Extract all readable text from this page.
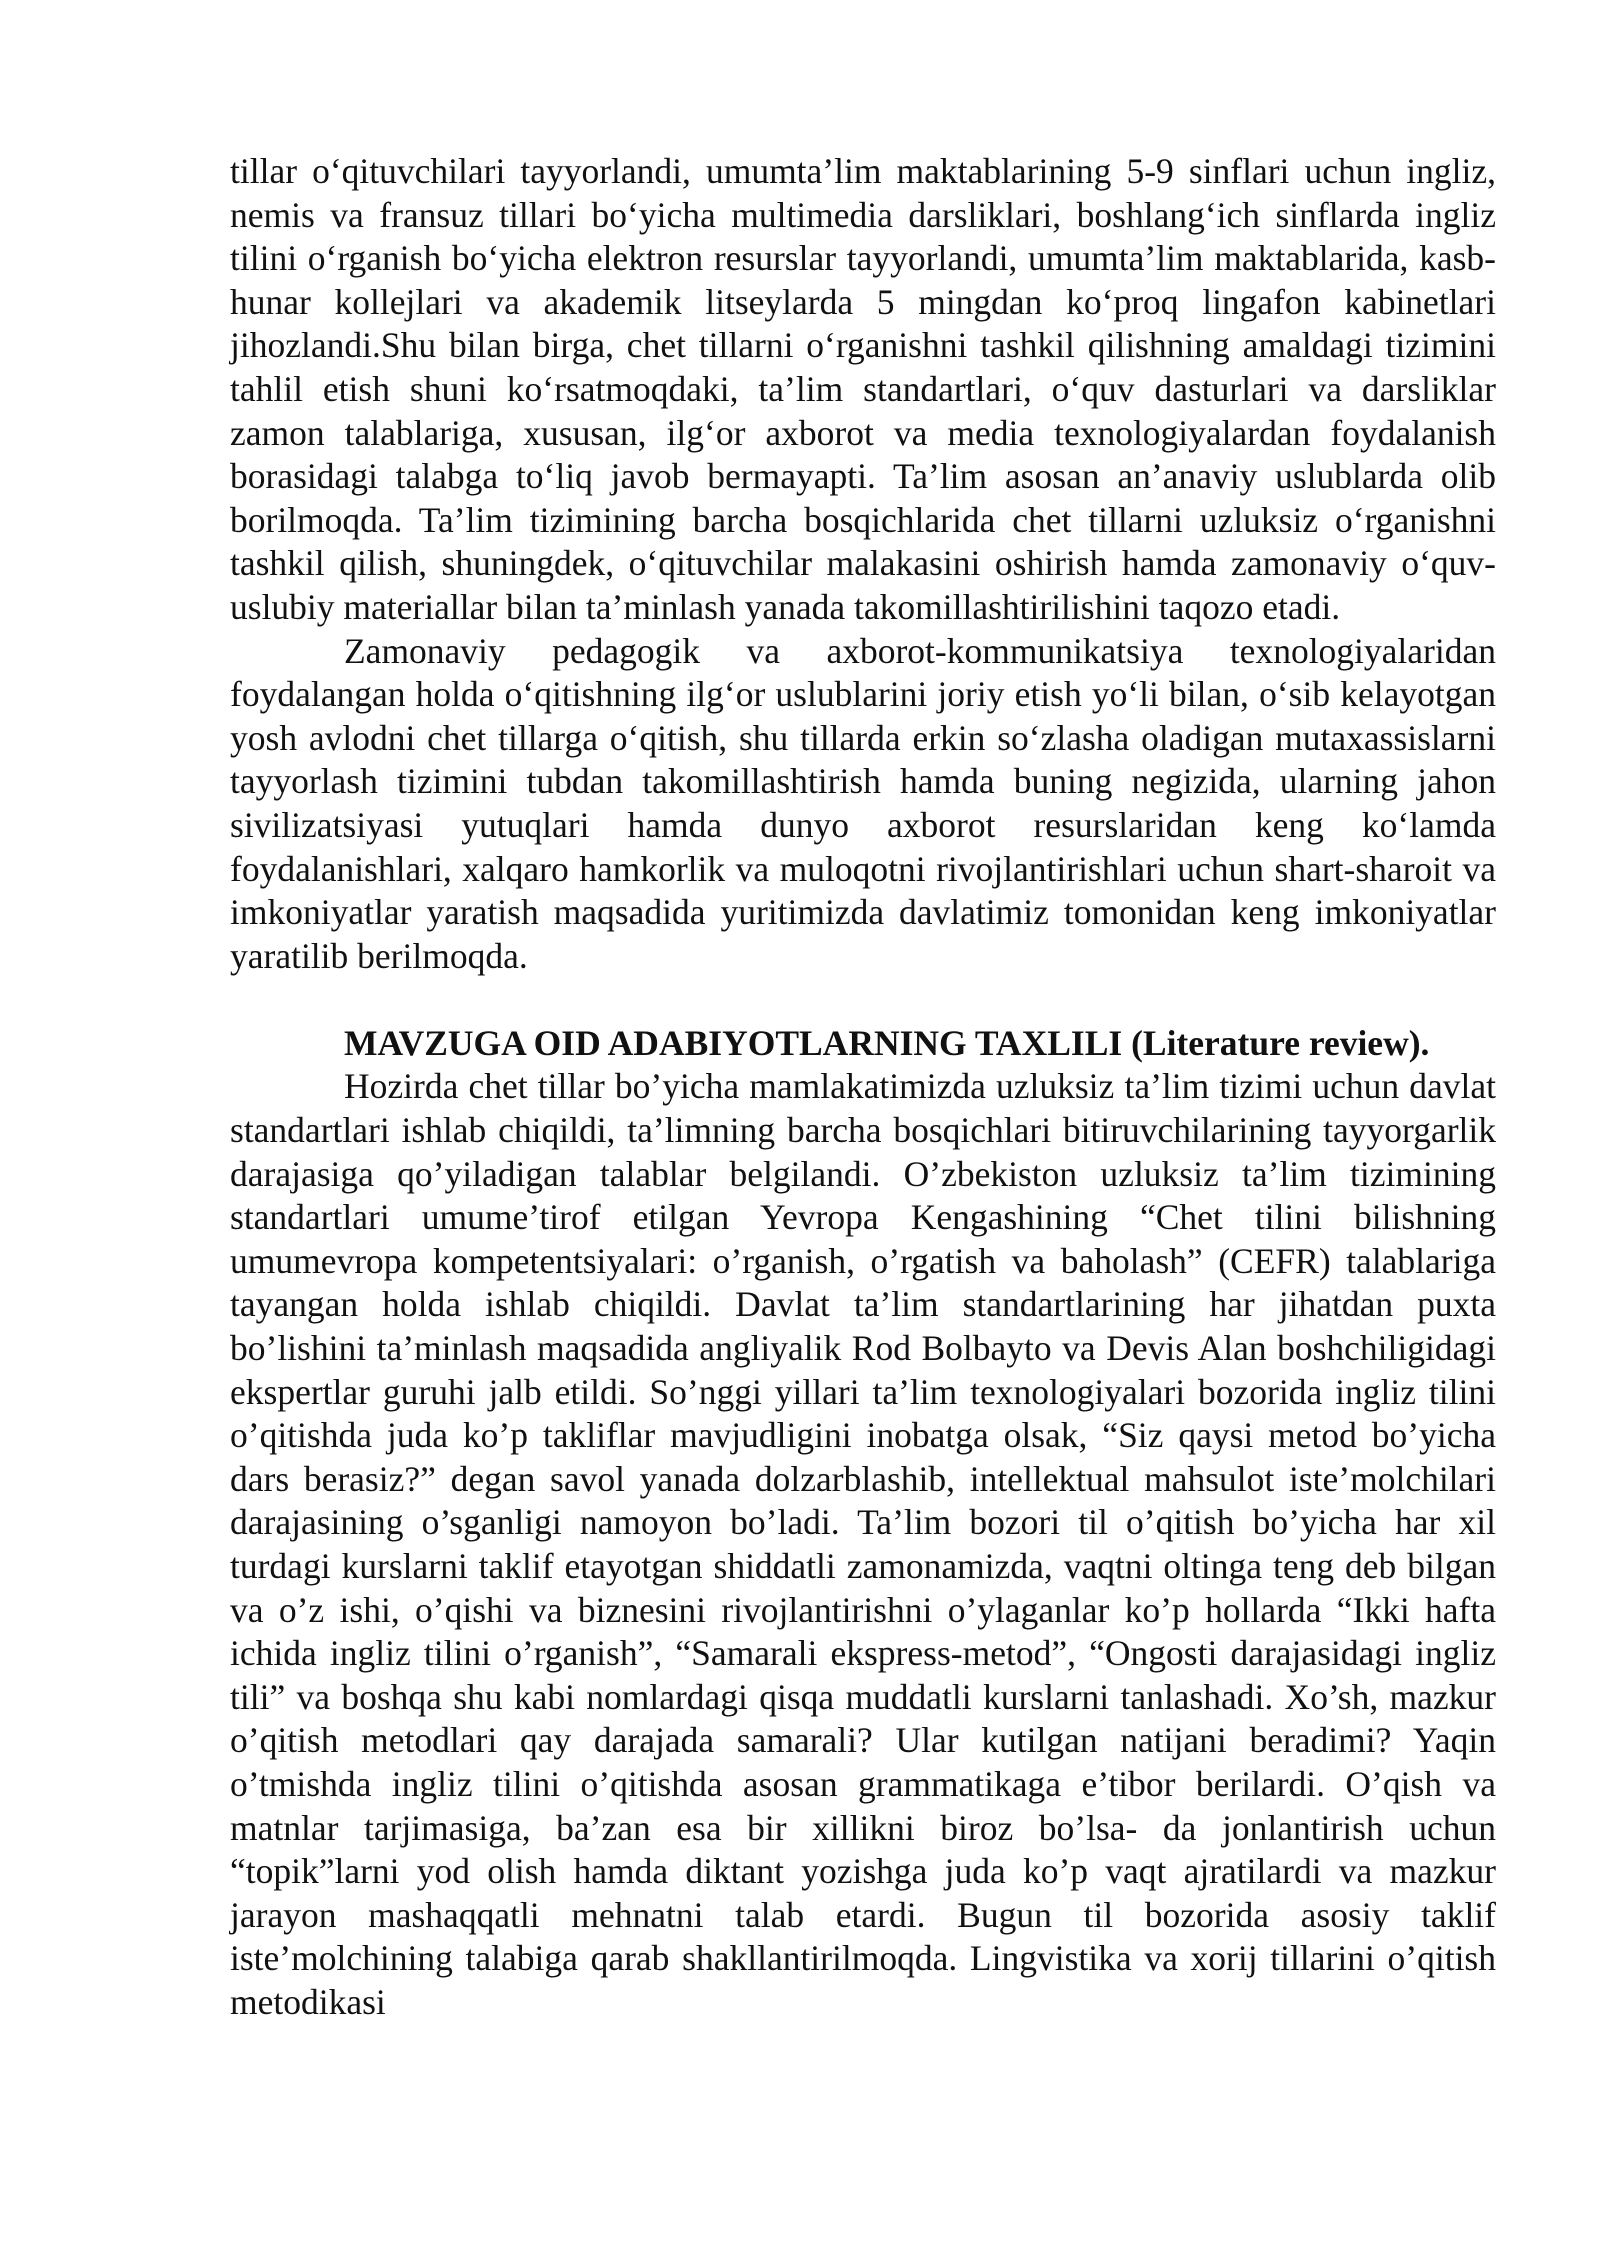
tillar o‘qituvchilari tayyorlandi, umumta’lim maktablarining 5-9 sinflari uchun ingliz, nemis va fransuz tillari bo‘yicha multimedia darsliklari, boshlang‘ich sinflarda ingliz tilini o‘rganish bo‘yicha elektron resurslar tayyorlandi, umumta’lim maktablarida, kasb-hunar kollejlari va akademik litseylarda 5 mingdan ko‘proq lingafon kabinetlari jihozlandi.Shu bilan birga, chet tillarni o‘rganishni tashkil qilishning amaldagi tizimini tahlil etish shuni ko‘rsatmoqdaki, ta’lim standartlari, o‘quv dasturlari va darsliklar zamon talablariga, xususan, ilg‘or axborot va media texnologiyalardan foydalanish borasidagi talabga to‘liq javob bermayapti. Ta’lim asosan an’anaviy uslublarda olib borilmoqda. Ta’lim tizimining barcha bosqichlarida chet tillarni uzluksiz o‘rganishni tashkil qilish, shuningdek, o‘qituvchilar malakasini oshirish hamda zamonaviy o‘quv-uslubiy materiallar bilan ta’minlash yanada takomillashtirilishini taqozo etadi.

Zamonaviy pedagogik va axborot-kommunikatsiya texnologiyalaridan foydalangan holda o‘qitishning ilg‘or uslublarini joriy etish yo‘li bilan, o‘sib kelayotgan yosh avlodni chet tillarga o‘qitish, shu tillarda erkin so‘zlasha oladigan mutaxassislarni tayyorlash tizimini tubdan takomillashtirish hamda buning negizida, ularning jahon sivilizatsiyasi yutuqlari hamda dunyo axborot resurslaridan keng ko‘lamda foydalanishlari, xalqaro hamkorlik va muloqotni rivojlantirishlari uchun shart-sharoit va imkoniyatlar yaratish maqsadida yuritimizda davlatimiz tomonidan keng imkoniyatlar yaratilib berilmoqda.

MAVZUGA OID ADABIYOTLARNING TAXLILI (Literature review).

Hozirda chet tillar bo’yicha mamlakatimizda uzluksiz ta’lim tizimi uchun davlat standartlari ishlab chiqildi, ta’limning barcha bosqichlari bitiruvchilarining tayyorgarlik darajasiga qo’yiladigan talablar belgilandi. O’zbekiston uzluksiz ta’lim tizimining standartlari umume’tirof etilgan Yevropa Kengashining “Chet tilini bilishning umumevropa kompetentsiyalari: o’rganish, o’rgatish va baholash” (CEFR) talablariga tayangan holda ishlab chiqildi. Davlat ta’lim standartlarining har jihatdan puxta bo’lishini ta’minlash maqsadida angliyalik Rod Bolbayto va Devis Alan boshchiligidagi ekspertlar guruhi jalb etildi. So’nggi yillari ta’lim texnologiyalari bozorida ingliz tilini o’qitishda juda ko’p takliflar mavjudligini inobatga olsak, “Siz qaysi metod bo’yicha dars berasiz?” degan savol yanada dolzarblashib, intellektual mahsulot iste’molchilari darajasining o’sganligi namoyon bo’ladi. Ta’lim bozori til o’qitish bo’yicha har xil turdagi kurslarni taklif etayotgan shiddatli zamonamizda, vaqtni oltinga teng deb bilgan va o’z ishi, o’qishi va biznesini rivojlantirishni o’ylaganlar ko’p hollarda “Ikki hafta ichida ingliz tilini o’rganish”, “Samarali ekspress-metod”, “Ongosti darajasidagi ingliz tili” va boshqa shu kabi nomlardagi qisqa muddatli kurslarni tanlashadi. Xo’sh, mazkur o’qitish metodlari qay darajada samarali? Ular kutilgan natijani beradimi? Yaqin o’tmishda ingliz tilini o’qitishda asosan grammatikaga e’tibor berilardi. O’qish va matnlar tarjimasiga, ba’zan esa bir xillikni biroz bo’lsa- da jonlantirish uchun “topik”larni yod olish hamda diktant yozishga juda ko’p vaqt ajratilardi va mazkur jarayon mashaqqatli mehnatni talab etardi. Bugun til bozorida asosiy taklif iste’molchining talabiga qarab shakllantirilmoqda. Lingvistika va xorij tillarini o’qitish metodikasi
